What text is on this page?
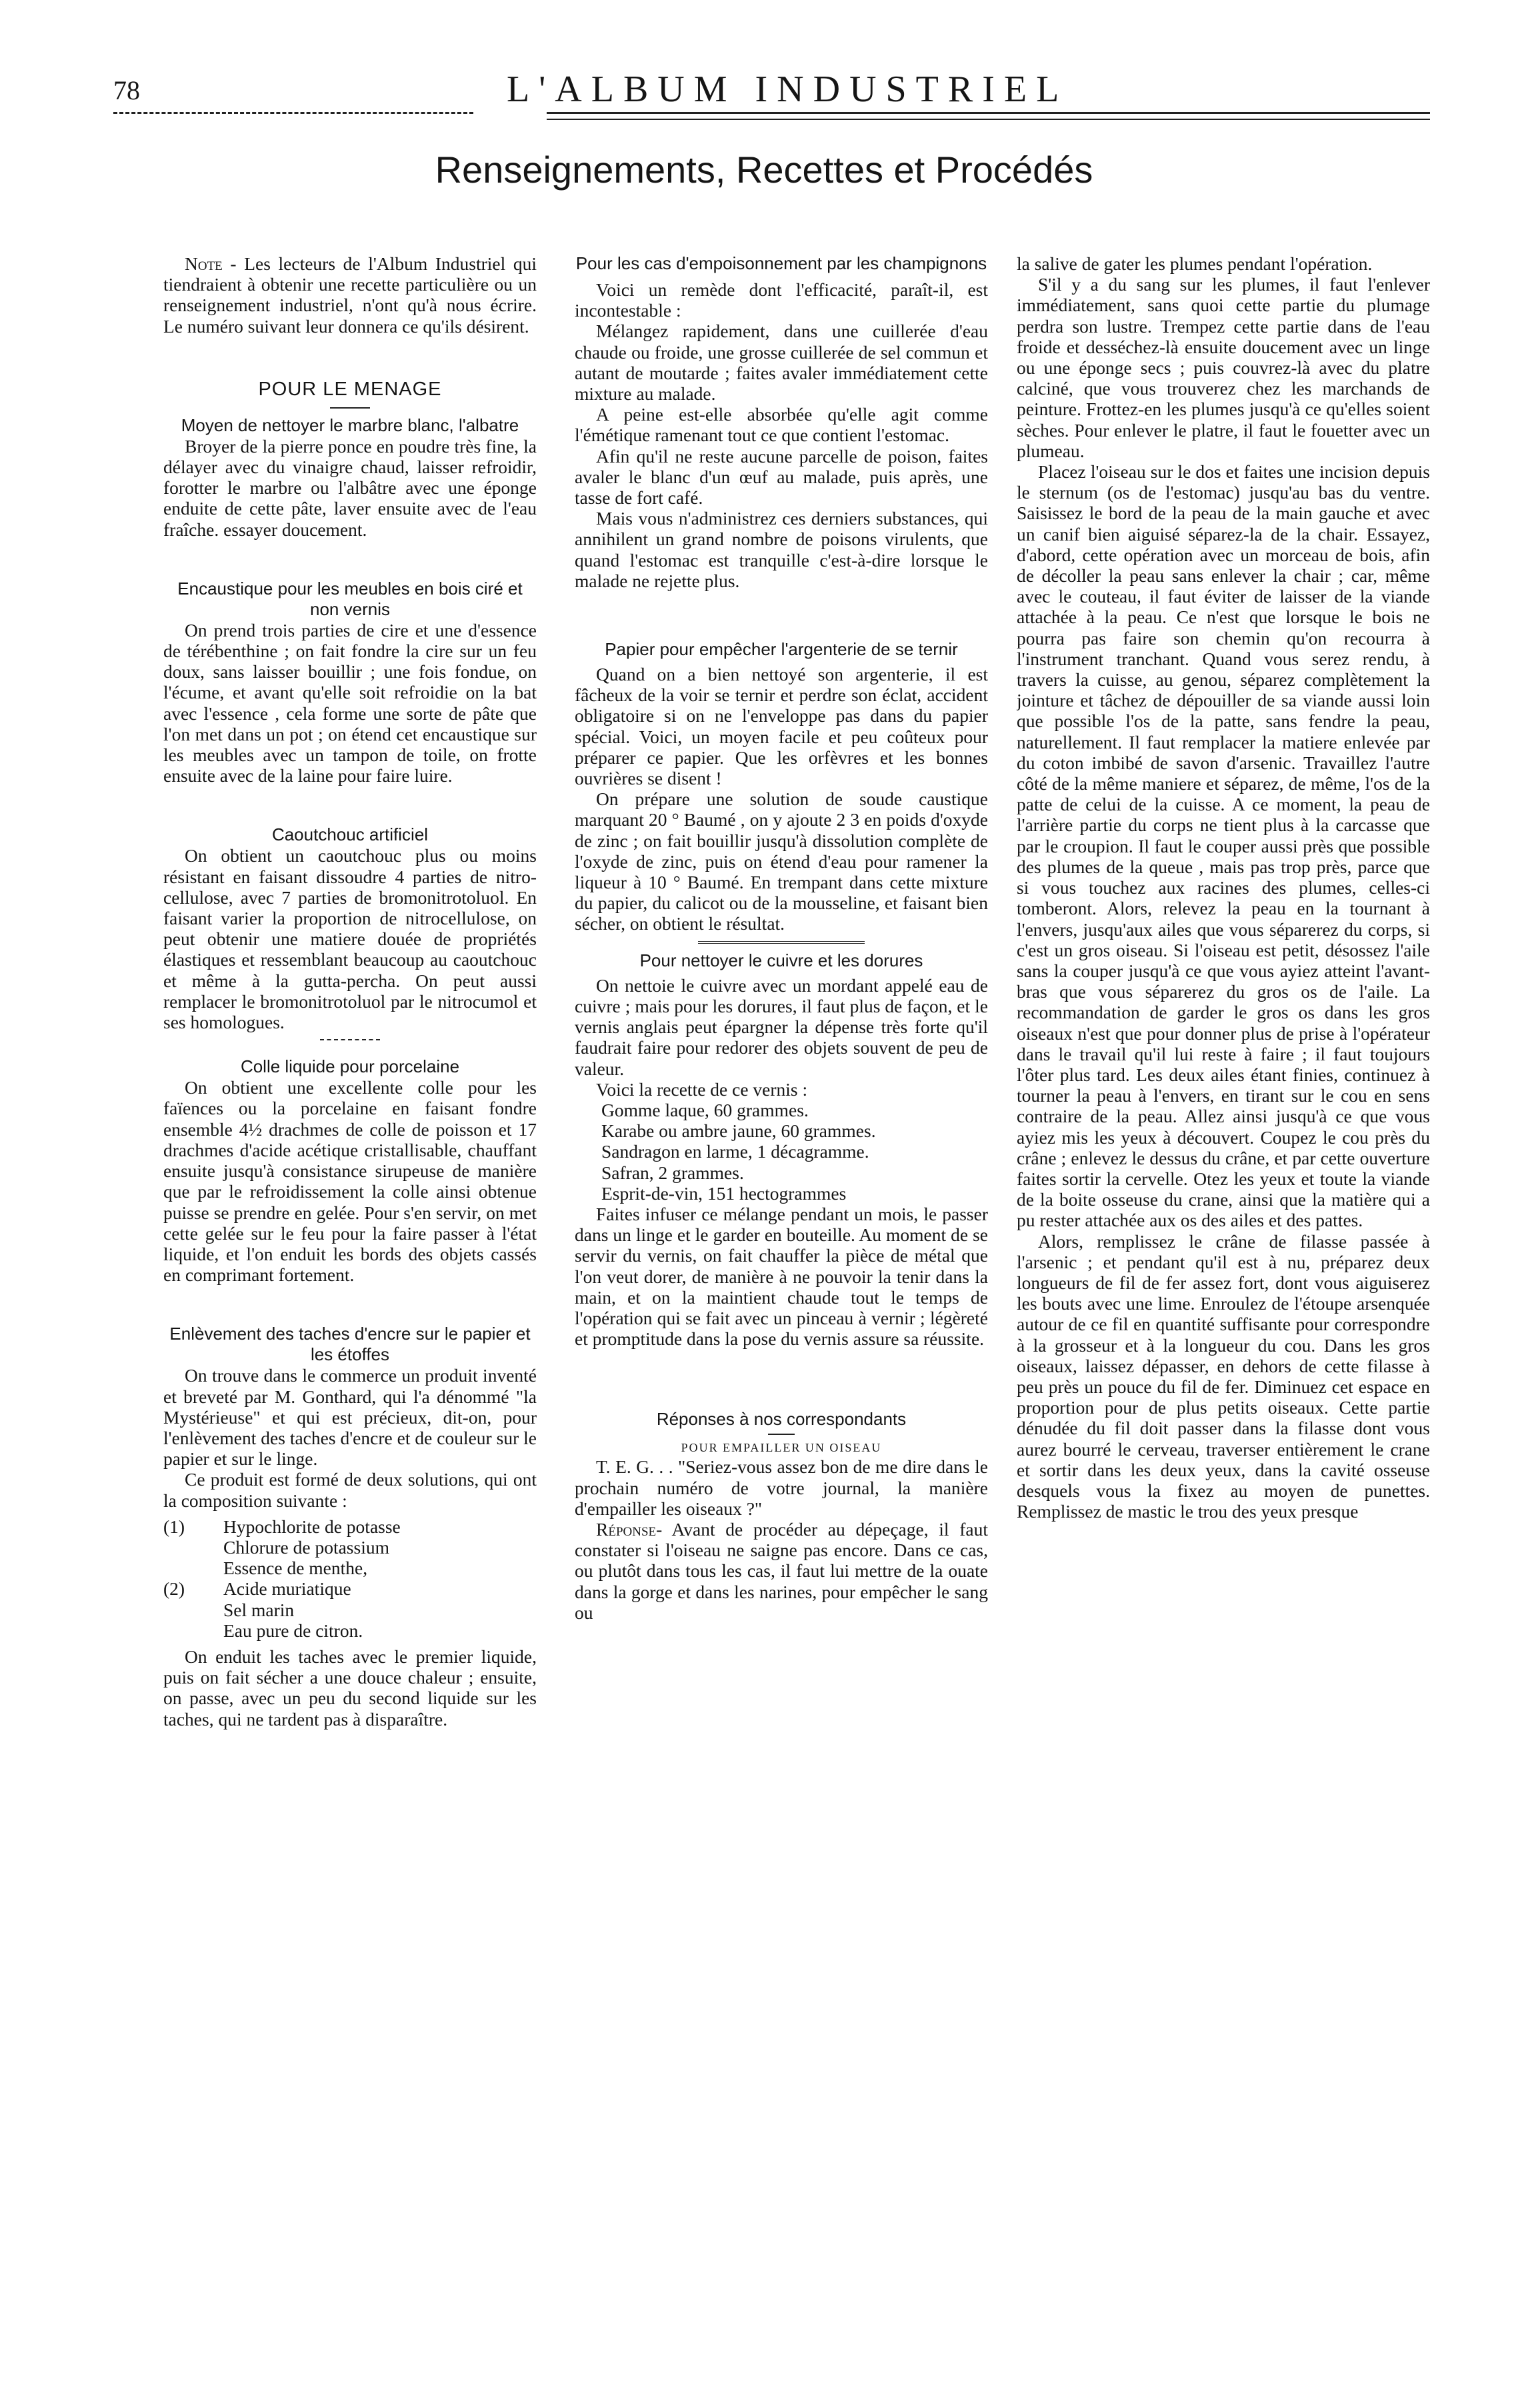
78	L'ALBUM INDUSTRIEL
Renseignements, Recettes et Procédés

Note - Les lecteurs de l'Album Industriel qui tiendraient à obtenir une recette particulière ou un renseignement industriel, n'ont qu'à nous écrire. Le numéro suivant leur donnera ce qu'ils désirent.

POUR LE MENAGE
Moyen de nettoyer le marbre blanc, l'albatre

Broyer de la pierre ponce en poudre très fine, la délayer avec du vinaigre chaud, laisser refroidir, forotter le marbre ou l'albâtre avec une éponge enduite de cette pâte, laver ensuite avec de l'eau fraîche. essayer doucement.

Encaustique pour les meubles en bois ciré et non vernis

On prend trois parties de cire et une d'essence de térébenthine ; on fait fondre la cire sur un feu doux, sans laisser bouillir ; une fois fondue, on l'écume, et avant qu'elle soit refroidie on la bat avec l'essence , cela forme une sorte de pâte que l'on met dans un pot ; on étend cet encaustique sur les meubles avec un tampon de toile, on frotte ensuite avec de la laine pour faire luire.

Caoutchouc artificiel

On obtient un caoutchouc plus ou moins résistant en faisant dissoudre 4 parties de nitro-cellulose, avec 7 parties de bromonitrotoluol. En faisant varier la proportion de nitrocellulose, on peut obtenir une matiere douée de propriétés élastiques et ressemblant beaucoup au caoutchouc et même à la gutta-percha. On peut aussi remplacer le bromonitrotoluol par le nitrocumol et ses homologues.

Colle liquide pour porcelaine

On obtient une excellente colle pour les faïences ou la porcelaine en faisant fondre ensemble 4½ drachmes de colle de poisson et 17 drachmes d'acide acétique cristallisable, chauffant ensuite jusqu'à consistance sirupeuse de manière que par le refroidissement la colle ainsi obtenue puisse se prendre en gelée. Pour s'en servir, on met cette gelée sur le feu pour la faire passer à l'état liquide, et l'on enduit les bords des objets cassés en comprimant fortement.

Enlèvement des taches d'encre sur le papier et les étoffes

On trouve dans le commerce un produit inventé et breveté par M. Gonthard, qui l'a dénommé "la Mystérieuse" et qui est précieux, dit-on, pour l'enlèvement des taches d'encre et de couleur sur le papier et sur le linge.

Ce produit est formé de deux solutions, qui ont la composition suivante :

(1) Hypochlorite de potasse
Chlorure de potassium
Essence de menthe,
(2) Acide muriatique
Sel marin
Eau pure de citron.

On enduit les taches avec le premier liquide, puis on fait sécher a une douce chaleur ; ensuite, on passe, avec un peu du second liquide sur les taches, qui ne tardent pas à disparaître.

Pour les cas d'empoisonnement par les champignons

Voici un remède dont l'efficacité, paraît-il, est incontestable :

Mélangez rapidement, dans une cuillerée d'eau chaude ou froide, une grosse cuillerée de sel commun et autant de moutarde ; faites avaler immédiatement cette mixture au malade.

A peine est-elle absorbée qu'elle agit comme l'émétique ramenant tout ce que contient l'estomac.

Afin qu'il ne reste aucune parcelle de poison, faites avaler le blanc d'un œuf au malade, puis après, une tasse de fort café.

Mais vous n'administrez ces derniers substances, qui annihilent un grand nombre de poisons virulents, que quand l'estomac est tranquille c'est-à-dire lorsque le malade ne rejette plus.

Papier pour empêcher l'argenterie de se ternir

Quand on a bien nettoyé son argenterie, il est fâcheux de la voir se ternir et perdre son éclat, accident obligatoire si on ne l'enveloppe pas dans du papier spécial. Voici, un moyen facile et peu coûteux pour préparer ce papier. Que les orfèvres et les bonnes ouvrières se disent !

On prépare une solution de soude caustique marquant 20 ° Baumé , on y ajoute 2 3 en poids d'oxyde de zinc ; on fait bouillir jusqu'à dissolution complète de l'oxyde de zinc, puis on étend d'eau pour ramener la liqueur à 10 ° Baumé. En trempant dans cette mixture du papier, du calicot ou de la mousseline, et faisant bien sécher, on obtient le résultat.

Pour nettoyer le cuivre et les dorures

On nettoie le cuivre avec un mordant appelé eau de cuivre ; mais pour les dorures, il faut plus de façon, et le vernis anglais peut épargner la dépense très forte qu'il faudrait faire pour redorer des objets souvent de peu de valeur.

Voici la recette de ce vernis :

Gomme laque, 60 grammes.
Karabe ou ambre jaune, 60 grammes.
Sandragon en larme, 1 décagramme.
Safran, 2 grammes.
Esprit-de-vin, 151 hectogrammes

Faites infuser ce mélange pendant un mois, le passer dans un linge et le garder en bouteille. Au moment de se servir du vernis, on fait chauffer la pièce de métal que l'on veut dorer, de manière à ne pouvoir la tenir dans la main, et on la maintient chaude tout le temps de l'opération qui se fait avec un pinceau à vernir ; légèreté et promptitude dans la pose du vernis assure sa réussite.

Réponses à nos correspondants
POUR EMPAILLER UN OISEAU

T. E. G. . . "Seriez-vous assez bon de me dire dans le prochain numéro de votre journal, la manière d'empailler les oiseaux ?"

Réponse- Avant de procéder au dépeçage, il faut constater si l'oiseau ne saigne pas encore. Dans ce cas, ou plutôt dans tous les cas, il faut lui mettre de la ouate dans la gorge et dans les narines, pour empêcher le sang ou

la salive de gater les plumes pendant l'opération.

S'il y a du sang sur les plumes, il faut l'enlever immédiatement, sans quoi cette partie du plumage perdra son lustre. Trempez cette partie dans de l'eau froide et desséchez-là ensuite doucement avec un linge ou une éponge secs ; puis couvrez-là avec du platre calciné, que vous trouverez chez les marchands de peinture. Frottez-en les plumes jusqu'à ce qu'elles soient sèches. Pour enlever le platre, il faut le fouetter avec un plumeau.

Placez l'oiseau sur le dos et faites une incision depuis le sternum (os de l'estomac) jusqu'au bas du ventre. Saisissez le bord de la peau de la main gauche et avec un canif bien aiguisé séparez-la de la chair. Essayez, d'abord, cette opération avec un morceau de bois, afin de décoller la peau sans enlever la chair ; car, même avec le couteau, il faut éviter de laisser de la viande attachée à la peau. Ce n'est que lorsque le bois ne pourra pas faire son chemin qu'on recourra à l'instrument tranchant. Quand vous serez rendu, à travers la cuisse, au genou, séparez complètement la jointure et tâchez de dépouiller de sa viande aussi loin que possible l'os de la patte, sans fendre la peau, naturellement. Il faut remplacer la matiere enlevée par du coton imbibé de savon d'arsenic. Travaillez l'autre côté de la même maniere et séparez, de même, l'os de la patte de celui de la cuisse. A ce moment, la peau de l'arrière partie du corps ne tient plus à la carcasse que par le croupion. Il faut le couper aussi près que possible des plumes de la queue , mais pas trop près, parce que si vous touchez aux racines des plumes, celles-ci tomberont. Alors, relevez la peau en la tournant à l'envers, jusqu'aux ailes que vous séparerez du corps, si c'est un gros oiseau. Si l'oiseau est petit, désossez l'aile sans la couper jusqu'à ce que vous ayiez atteint l'avant-bras que vous séparerez du gros os de l'aile. La recommandation de garder le gros os dans les gros oiseaux n'est que pour donner plus de prise à l'opérateur dans le travail qu'il lui reste à faire ; il faut toujours l'ôter plus tard. Les deux ailes étant finies, continuez à tourner la peau à l'envers, en tirant sur le cou en sens contraire de la peau. Allez ainsi jusqu'à ce que vous ayiez mis les yeux à découvert. Coupez le cou près du crâne ; enlevez le dessus du crâne, et par cette ouverture faites sortir la cervelle. Otez les yeux et toute la viande de la boite osseuse du crane, ainsi que la matière qui a pu rester attachée aux os des ailes et des pattes.

Alors, remplissez le crâne de filasse passée à l'arsenic ; et pendant qu'il est à nu, préparez deux longueurs de fil de fer assez fort, dont vous aiguiserez les bouts avec une lime. Enroulez de l'étoupe arsenquée autour de ce fil en quantité suffisante pour correspondre à la grosseur et à la longueur du cou. Dans les gros oiseaux, laissez dépasser, en dehors de cette filasse à peu près un pouce du fil de fer. Diminuez cet espace en proportion pour de plus petits oiseaux. Cette partie dénudée du fil doit passer dans la filasse dont vous aurez bourré le cerveau, traverser entièrement le crane et sortir dans les deux yeux, dans la cavité osseuse desquels vous la fixez au moyen de punettes. Remplissez de mastic le trou des yeux presque
